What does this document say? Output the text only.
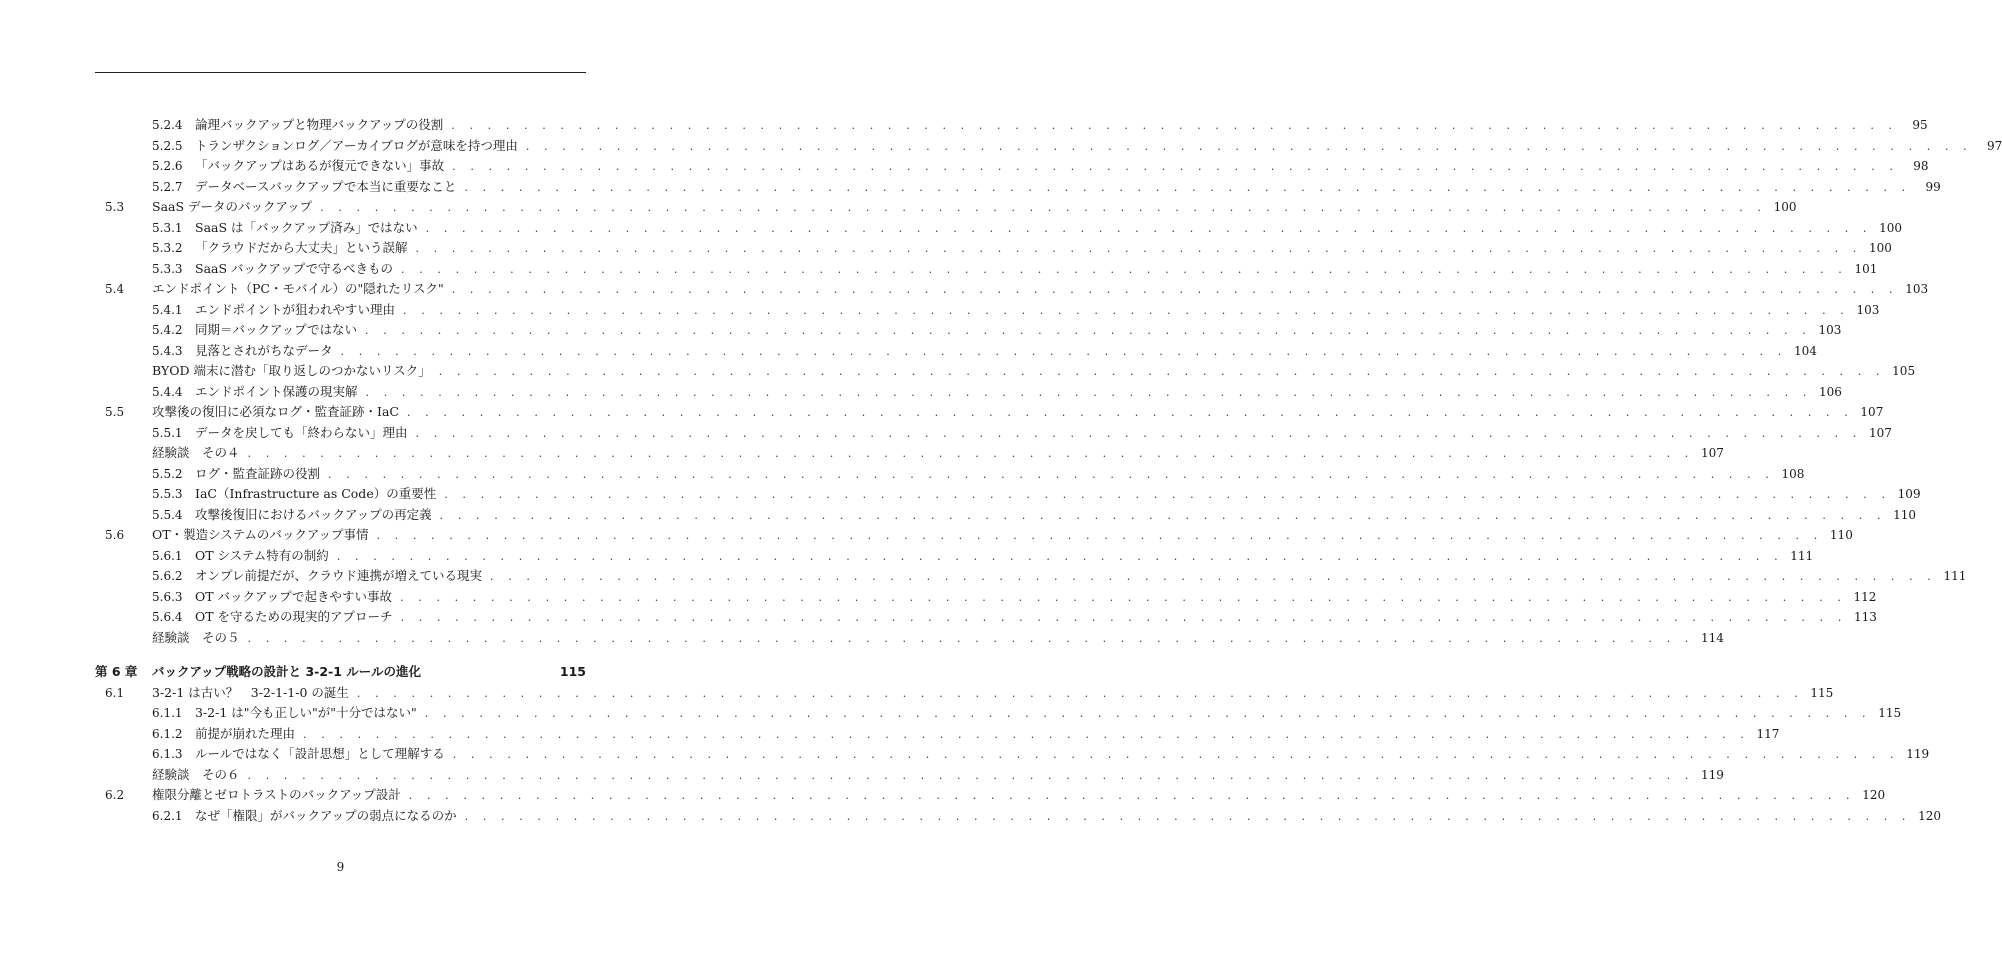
5.2.4 論理バックアップと物理バックアップの役割 . . . . . . . . . . . . . . . . . . . . . . . . . . . . . . . . . . . . . . . . . . . . . . . . . . . . . . . . . . . . . . . . . . . . . . . . . . . . . . . .	95
5.2.5 トランザクションログ／アーカイブログが意味を持つ理由 . . . . . . . . . . . . . . . . . . . . . . . . . . . . . . . . . . . . . . . . . . . . . . . . . . . . . . . . . . . . . . . . . . . . . . . . . . . . . . . .	97
5.2.6 「バックアップはあるが復元できない」事故 . . . . . . . . . . . . . . . . . . . . . . . . . . . . . . . . . . . . . . . . . . . . . . . . . . . . . . . . . . . . . . . . . . . . . . . . . . . . . . . .	98
5.2.7 データベースバックアップで本当に重要なこと . . . . . . . . . . . . . . . . . . . . . . . . . . . . . . . . . . . . . . . . . . . . . . . . . . . . . . . . . . . . . . . . . . . . . . . . . . . . . . . .	99
5.3 SaaS データのバックアップ . . . . . . . . . . . . . . . . . . . . . . . . . . . . . . . . . . . . . . . . . . . . . . . . . . . . . . . . . . . . . . . . . . . . . . . . . . . . . . . . 100
5.3.1 SaaS は「バックアップ済み」ではない . . . . . . . . . . . . . . . . . . . . . . . . . . . . . . . . . . . . . . . . . . . . . . . . . . . . . . . . . . . . . . . . . . . . . . . . . . . . . . . . 100
5.3.2 「クラウドだから大丈夫」という誤解 . . . . . . . . . . . . . . . . . . . . . . . . . . . . . . . . . . . . . . . . . . . . . . . . . . . . . . . . . . . . . . . . . . . . . . . . . . . . . . . . 100
5.3.3 SaaS バックアップで守るべきもの . . . . . . . . . . . . . . . . . . . . . . . . . . . . . . . . . . . . . . . . . . . . . . . . . . . . . . . . . . . . . . . . . . . . . . . . . . . . . . . . 101
5.4 エンドポイント（PC・モバイル）の"隠れたリスク" . . . . . . . . . . . . . . . . . . . . . . . . . . . . . . . . . . . . . . . . . . . . . . . . . . . . . . . . . . . . . . . . . . . . . . . . . . . . . . . . 103
5.4.1 エンドポイントが狙われやすい理由 . . . . . . . . . . . . . . . . . . . . . . . . . . . . . . . . . . . . . . . . . . . . . . . . . . . . . . . . . . . . . . . . . . . . . . . . . . . . . . . . 103
5.4.2 同期＝バックアップではない . . . . . . . . . . . . . . . . . . . . . . . . . . . . . . . . . . . . . . . . . . . . . . . . . . . . . . . . . . . . . . . . . . . . . . . . . . . . . . . . 103
5.4.3 見落とされがちなデータ . . . . . . . . . . . . . . . . . . . . . . . . . . . . . . . . . . . . . . . . . . . . . . . . . . . . . . . . . . . . . . . . . . . . . . . . . . . . . . . . 104
BYOD 端末に潜む「取り返しのつかないリスク」 . . . . . . . . . . . . . . . . . . . . . . . . . . . . . . . . . . . . . . . . . . . . . . . . . . . . . . . . . . . . . . . . . . . . . . . . . . . . . . . . 105
5.4.4 エンドポイント保護の現実解 . . . . . . . . . . . . . . . . . . . . . . . . . . . . . . . . . . . . . . . . . . . . . . . . . . . . . . . . . . . . . . . . . . . . . . . . . . . . . . . . 106
5.5 攻撃後の復旧に必須なログ・監査証跡・IaC . . . . . . . . . . . . . . . . . . . . . . . . . . . . . . . . . . . . . . . . . . . . . . . . . . . . . . . . . . . . . . . . . . . . . . . . . . . . . . . . 107
5.5.1 データを戻しても「終わらない」理由 . . . . . . . . . . . . . . . . . . . . . . . . . . . . . . . . . . . . . . . . . . . . . . . . . . . . . . . . . . . . . . . . . . . . . . . . . . . . . . . . 107
経験談　その４ . . . . . . . . . . . . . . . . . . . . . . . . . . . . . . . . . . . . . . . . . . . . . . . . . . . . . . . . . . . . . . . . . . . . . . . . . . . . . . . . 107
5.5.2 ログ・監査証跡の役割 . . . . . . . . . . . . . . . . . . . . . . . . . . . . . . . . . . . . . . . . . . . . . . . . . . . . . . . . . . . . . . . . . . . . . . . . . . . . . . . . 108
5.5.3 IaC（Infrastructure as Code）の重要性 . . . . . . . . . . . . . . . . . . . . . . . . . . . . . . . . . . . . . . . . . . . . . . . . . . . . . . . . . . . . . . . . . . . . . . . . . . . . . . . . 109
5.5.4 攻撃後復旧におけるバックアップの再定義 . . . . . . . . . . . . . . . . . . . . . . . . . . . . . . . . . . . . . . . . . . . . . . . . . . . . . . . . . . . . . . . . . . . . . . . . . . . . . . . . 110
5.6 OT・製造システムのバックアップ事情 . . . . . . . . . . . . . . . . . . . . . . . . . . . . . . . . . . . . . . . . . . . . . . . . . . . . . . . . . . . . . . . . . . . . . . . . . . . . . . . . 110
5.6.1 OT システム特有の制約 . . . . . . . . . . . . . . . . . . . . . . . . . . . . . . . . . . . . . . . . . . . . . . . . . . . . . . . . . . . . . . . . . . . . . . . . . . . . . . . . 111
5.6.2 オンプレ前提だが、クラウド連携が増えている現実 . . . . . . . . . . . . . . . . . . . . . . . . . . . . . . . . . . . . . . . . . . . . . . . . . . . . . . . . . . . . . . . . . . . . . . . . . . . . . . . . 111
5.6.3 OT バックアップで起きやすい事故 . . . . . . . . . . . . . . . . . . . . . . . . . . . . . . . . . . . . . . . . . . . . . . . . . . . . . . . . . . . . . . . . . . . . . . . . . . . . . . . . 112
5.6.4 OT を守るための現実的アプローチ . . . . . . . . . . . . . . . . . . . . . . . . . . . . . . . . . . . . . . . . . . . . . . . . . . . . . . . . . . . . . . . . . . . . . . . . . . . . . . . . 113
経験談　その５ . . . . . . . . . . . . . . . . . . . . . . . . . . . . . . . . . . . . . . . . . . . . . . . . . . . . . . . . . . . . . . . . . . . . . . . . . . . . . . . . 114
第 6 章 バックアップ戦略の設計と 3-2-1 ルールの進化	115
6.1 3-2-1 は古い？　3-2-1-1-0 の誕生 . . . . . . . . . . . . . . . . . . . . . . . . . . . . . . . . . . . . . . . . . . . . . . . . . . . . . . . . . . . . . . . . . . . . . . . . . . . . . . . . 115
6.1.1 3-2-1 は"今も正しい"が"十分ではない" . . . . . . . . . . . . . . . . . . . . . . . . . . . . . . . . . . . . . . . . . . . . . . . . . . . . . . . . . . . . . . . . . . . . . . . . . . . . . . . . 115
6.1.2 前提が崩れた理由 . . . . . . . . . . . . . . . . . . . . . . . . . . . . . . . . . . . . . . . . . . . . . . . . . . . . . . . . . . . . . . . . . . . . . . . . . . . . . . . . 117
6.1.3 ルールではなく「設計思想」として理解する . . . . . . . . . . . . . . . . . . . . . . . . . . . . . . . . . . . . . . . . . . . . . . . . . . . . . . . . . . . . . . . . . . . . . . . . . . . . . . . . 119
経験談　その６ . . . . . . . . . . . . . . . . . . . . . . . . . . . . . . . . . . . . . . . . . . . . . . . . . . . . . . . . . . . . . . . . . . . . . . . . . . . . . . . . 119
6.2 権限分離とゼロトラストのバックアップ設計 . . . . . . . . . . . . . . . . . . . . . . . . . . . . . . . . . . . . . . . . . . . . . . . . . . . . . . . . . . . . . . . . . . . . . . . . . . . . . . . . 120
6.2.1 なぜ「権限」がバックアップの弱点になるのか . . . . . . . . . . . . . . . . . . . . . . . . . . . . . . . . . . . . . . . . . . . . . . . . . . . . . . . . . . . . . . . . . . . . . . . . . . . . . . . . 120
9
